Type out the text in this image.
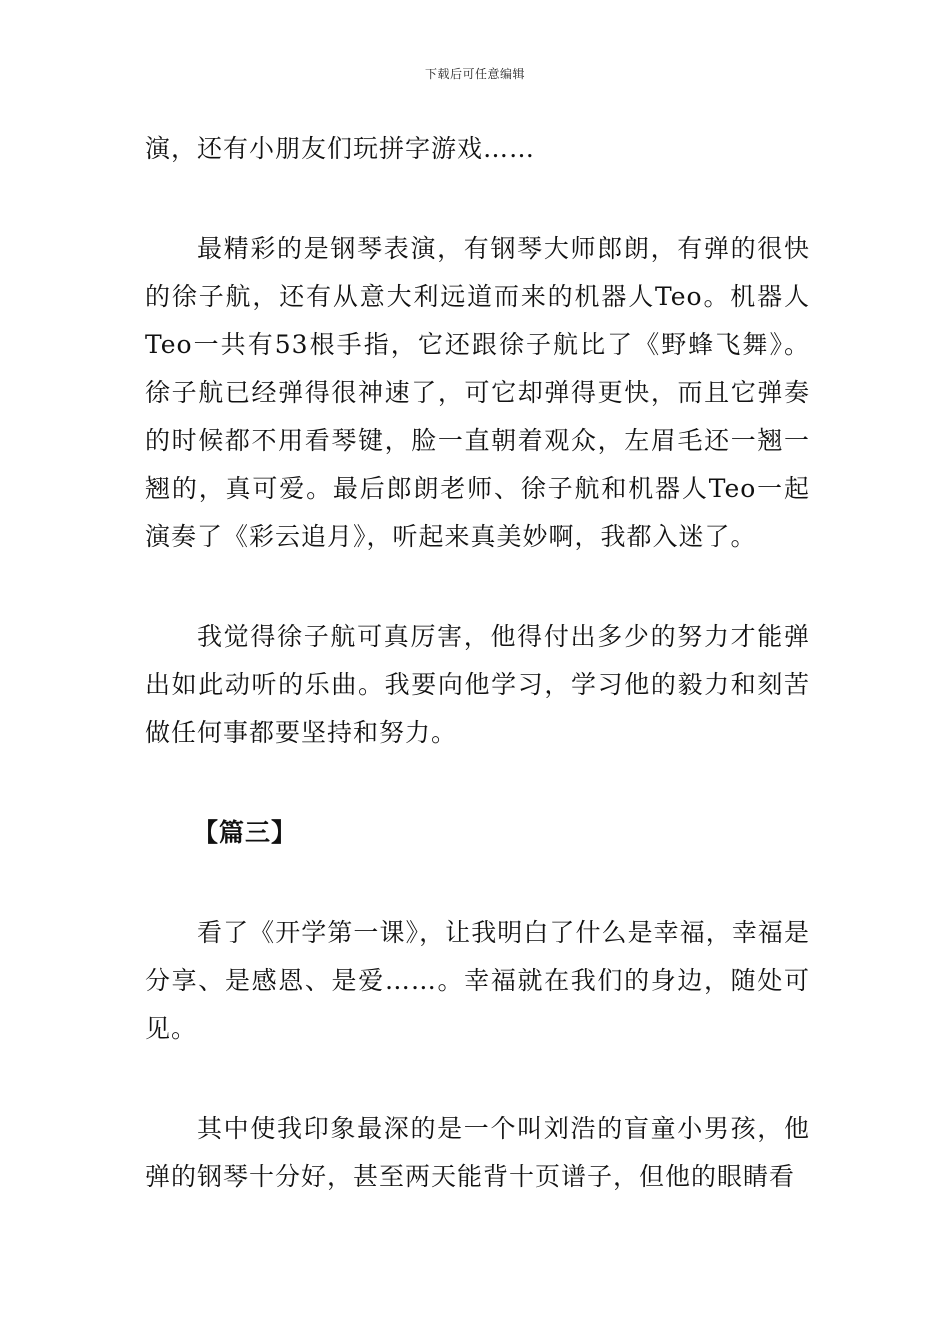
下载后可任意编辑

演，还有小朋友们玩拼字游戏……

最精彩的是钢琴表演，有钢琴大师郎朗，有弹的很快的徐子航，还有从意大利远道而来的机器人Teo。机器人Teo一共有53根手指，它还跟徐子航比了《野蜂飞舞》。徐子航已经弹得很神速了，可它却弹得更快，而且它弹奏的时候都不用看琴键，脸一直朝着观众，左眉毛还一翘一翘的，真可爱。最后郎朗老师、徐子航和机器人Teo一起演奏了《彩云追月》，听起来真美妙啊，我都入迷了。

我觉得徐子航可真厉害，他得付出多少的努力才能弹出如此动听的乐曲。我要向他学习，学习他的毅力和刻苦做任何事都要坚持和努力。

【篇三】

看了《开学第一课》，让我明白了什么是幸福，幸福是分享、是感恩、是爱……。幸福就在我们的身边，随处可见。

其中使我印象最深的是一个叫刘浩的盲童小男孩，他弹的钢琴十分好，甚至两天能背十页谱子，但他的眼睛看
